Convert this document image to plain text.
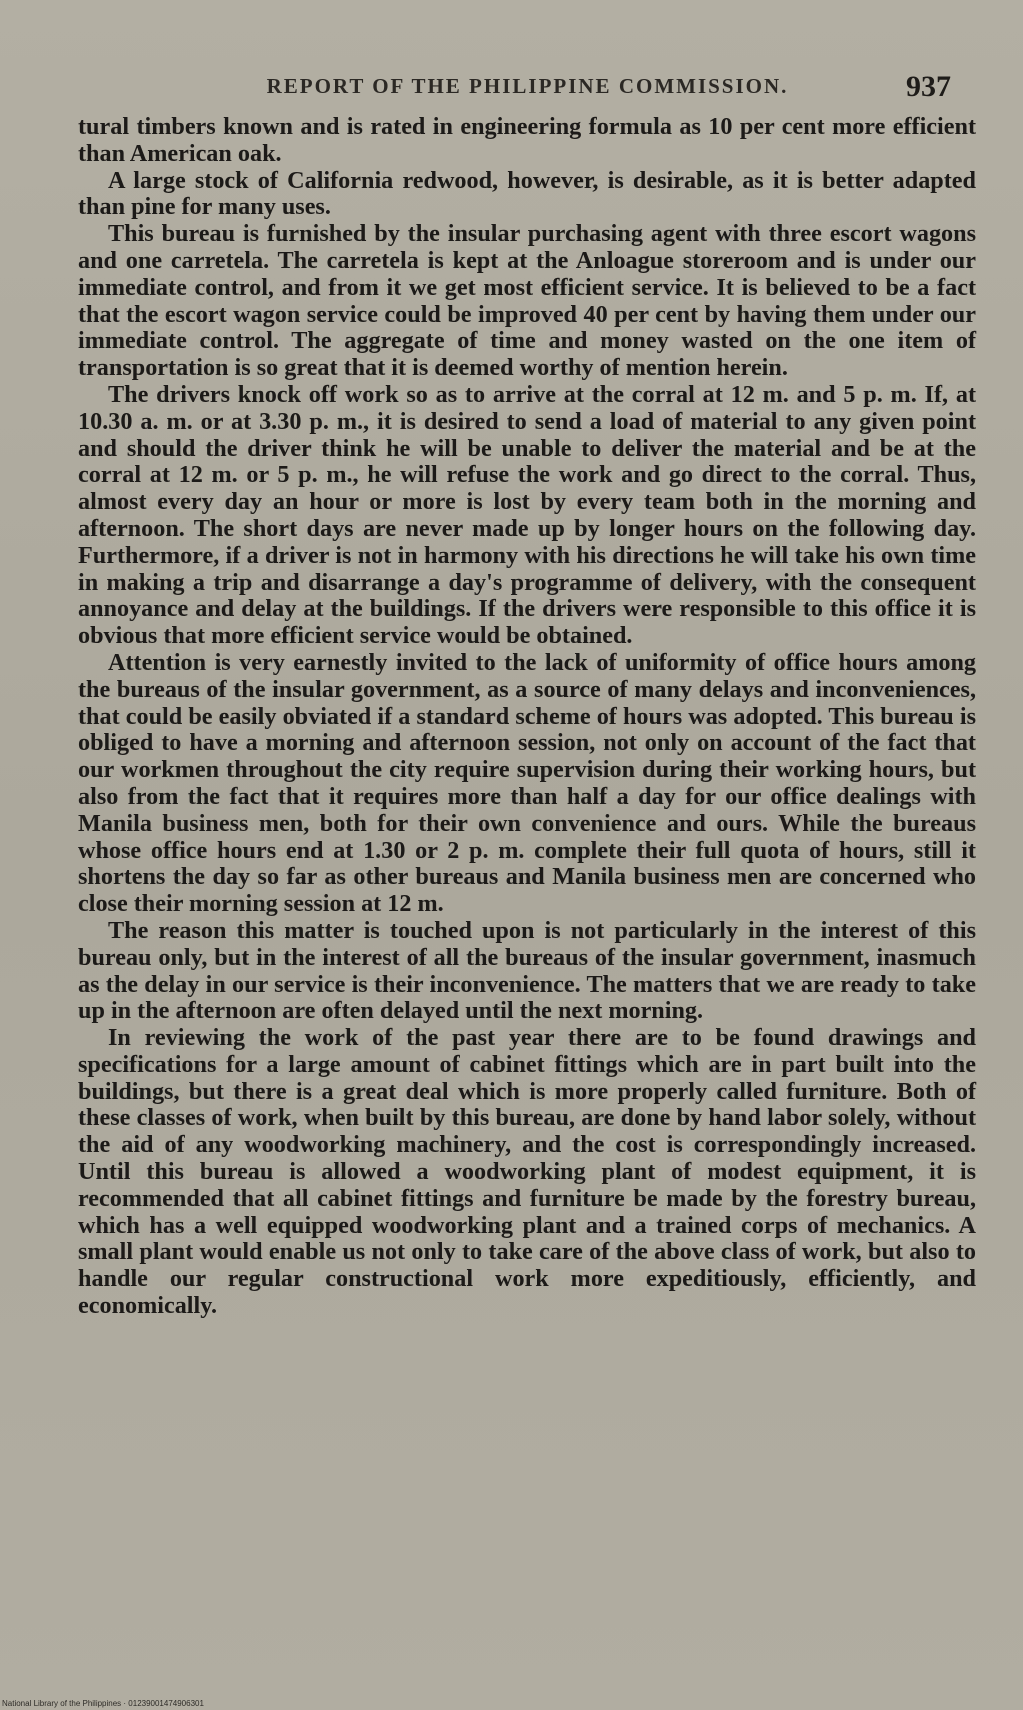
REPORT OF THE PHILIPPINE COMMISSION.	937

tural timbers known and is rated in engineering formula as 10 per cent more efficient than American oak.

A large stock of California redwood, however, is desirable, as it is better adapted than pine for many uses.

This bureau is furnished by the insular purchasing agent with three escort wagons and one carretela. The carretela is kept at the Anloague storeroom and is under our immediate control, and from it we get most efficient service. It is believed to be a fact that the escort wagon service could be improved 40 per cent by having them under our immediate control. The aggregate of time and money wasted on the one item of transportation is so great that it is deemed worthy of mention herein.

The drivers knock off work so as to arrive at the corral at 12 m. and 5 p. m. If, at 10.30 a. m. or at 3.30 p. m., it is desired to send a load of material to any given point and should the driver think he will be unable to deliver the material and be at the corral at 12 m. or 5 p. m., he will refuse the work and go direct to the corral. Thus, almost every day an hour or more is lost by every team both in the morning and afternoon. The short days are never made up by longer hours on the following day. Furthermore, if a driver is not in harmony with his directions he will take his own time in making a trip and disarrange a day's programme of delivery, with the consequent annoyance and delay at the buildings. If the drivers were responsible to this office it is obvious that more efficient service would be obtained.

Attention is very earnestly invited to the lack of uniformity of office hours among the bureaus of the insular government, as a source of many delays and inconveniences, that could be easily obviated if a standard scheme of hours was adopted. This bureau is obliged to have a morning and afternoon session, not only on account of the fact that our workmen throughout the city require supervision during their working hours, but also from the fact that it requires more than half a day for our office dealings with Manila business men, both for their own convenience and ours. While the bureaus whose office hours end at 1.30 or 2 p. m. complete their full quota of hours, still it shortens the day so far as other bureaus and Manila business men are concerned who close their morning session at 12 m.

The reason this matter is touched upon is not particularly in the interest of this bureau only, but in the interest of all the bureaus of the insular government, inasmuch as the delay in our service is their inconvenience. The matters that we are ready to take up in the afternoon are often delayed until the next morning.

In reviewing the work of the past year there are to be found drawings and specifications for a large amount of cabinet fittings which are in part built into the buildings, but there is a great deal which is more properly called furniture. Both of these classes of work, when built by this bureau, are done by hand labor solely, without the aid of any woodworking machinery, and the cost is correspondingly increased. Until this bureau is allowed a woodworking plant of modest equipment, it is recommended that all cabinet fittings and furniture be made by the forestry bureau, which has a well equipped woodworking plant and a trained corps of mechanics. A small plant would enable us not only to take care of the above class of work, but also to handle our regular constructional work more expeditiously, efficiently, and economically.

National Library of the Philippines · 01239001474906301
